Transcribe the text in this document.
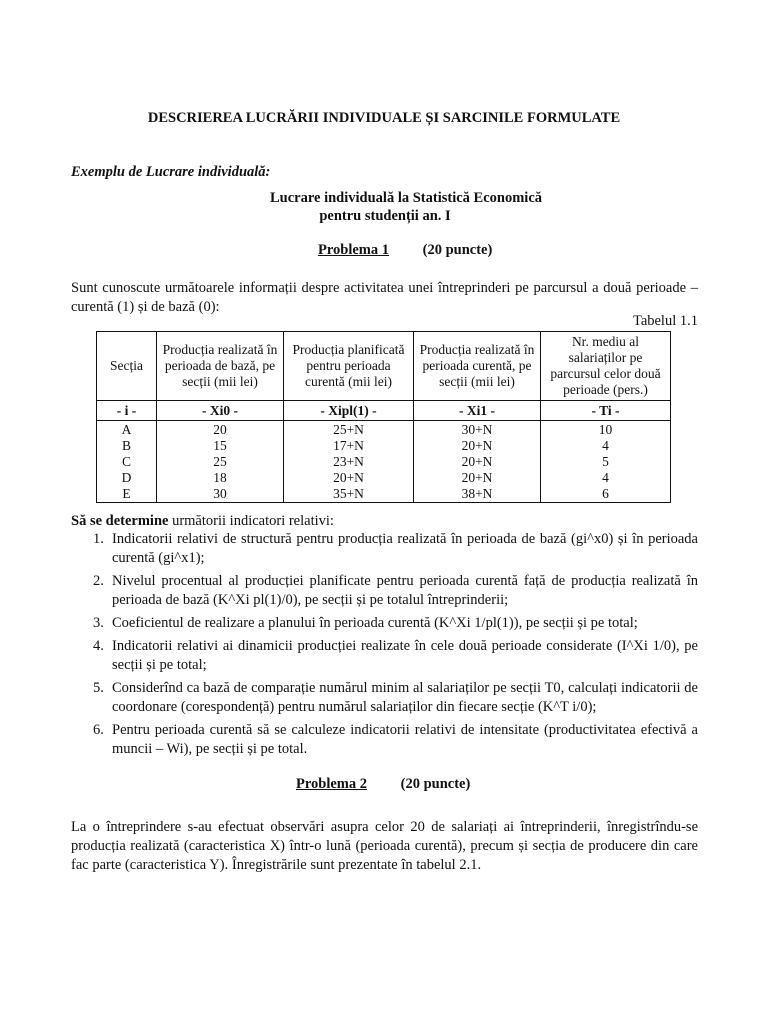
DESCRIEREA LUCRĂRII INDIVIDUALE ȘI SARCINILE FORMULATE
Exemplu de Lucrare individuală:
Lucrare individuală la Statistică Economică
pentru studenții an. I
Problema 1 (20 puncte)
Sunt cunoscute următoarele informații despre activitatea unei întreprinderi pe parcursul a două perioade – curentă (1) și de bază (0):
Tabelul 1.1
Secția	Producția realizată în perioada de bază, pe secții (mii lei)	Producția planificată pentru perioada curentă (mii lei)	Producția realizată în perioada curentă, pe secții (mii lei)	Nr. mediu al salariaților pe parcursul celor două perioade (pers.)
- i -	- Xi0 -	- Xipl(1) -	- Xi1 -	- Ti -
A	20	25+N	30+N	10
B	15	17+N	20+N	4
C	25	23+N	20+N	5
D	18	20+N	20+N	4
E	30	35+N	38+N	6
Să se determine următorii indicatori relativi:
1. Indicatorii relativi de structură pentru producția realizată în perioada de bază (gi^x0) și în perioada curentă (gi^x1);
2. Nivelul procentual al producției planificate pentru perioada curentă față de producția realizată în perioada de bază (K^Xi pl(1)/0), pe secții și pe totalul întreprinderii;
3. Coeficientul de realizare a planului în perioada curentă (K^Xi 1/pl(1)), pe secții și pe total;
4. Indicatorii relativi ai dinamicii producției realizate în cele două perioade considerate (I^Xi 1/0), pe secții și pe total;
5. Considerînd ca bază de comparație numărul minim al salariaților pe secții T0, calculați indicatorii de coordonare (corespondență) pentru numărul salariaților din fiecare secție (K^T i/0);
6. Pentru perioada curentă să se calculeze indicatorii relativi de intensitate (productivitatea efectivă a muncii – Wi), pe secții și pe total.
Problema 2 (20 puncte)
La o întreprindere s-au efectuat observări asupra celor 20 de salariați ai întreprinderii, înregistrîndu-se producția realizată (caracteristica X) într-o lună (perioada curentă), precum și secția de producere din care fac parte (caracteristica Y). Înregistrările sunt prezentate în tabelul 2.1.
